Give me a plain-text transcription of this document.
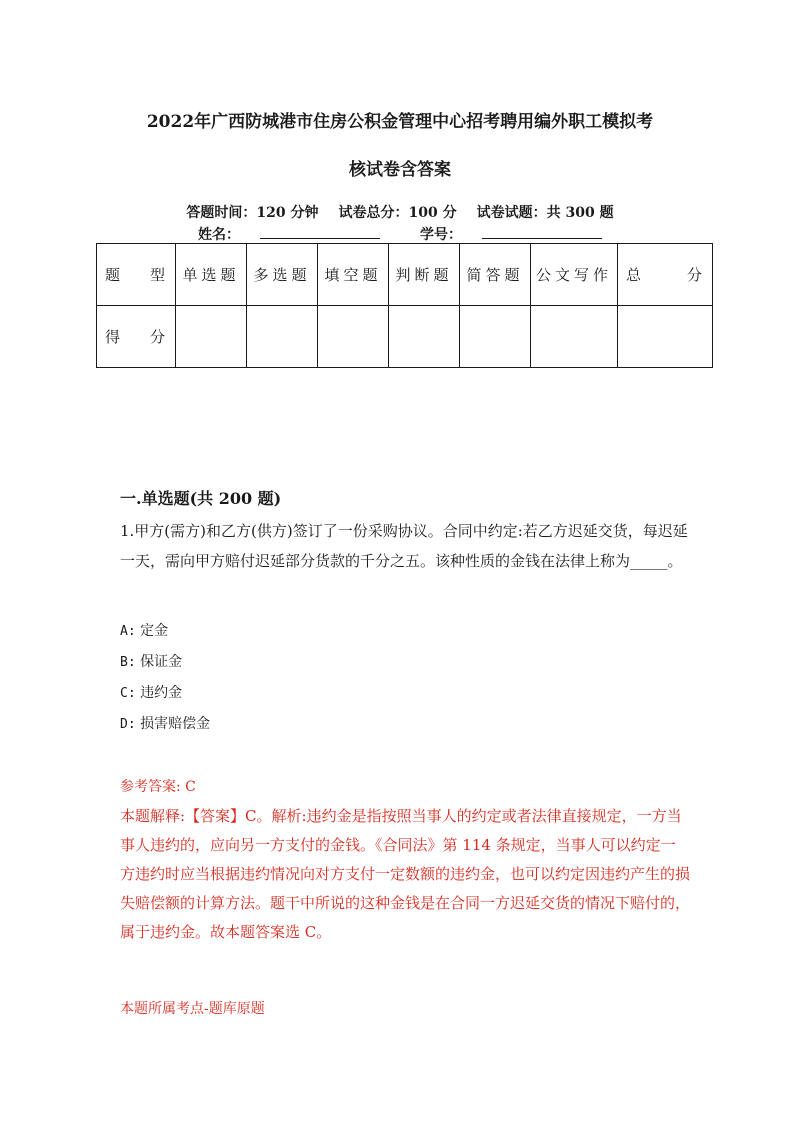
2022年广西防城港市住房公积金管理中心招考聘用编外职工模拟考
核试卷含答案
答题时间：120 分钟 试卷总分：100 分 试卷试题：共 300 题
姓名：	学号：
题 型	单选题	多选题	填空题	判断题	简答题	公文写作	总 分

得 分							

一.单选题(共 200 题)
1.甲方(需方)和乙方(供方)签订了一份采购协议。合同中约定:若乙方迟延交货，每迟延 一天，需向甲方赔付迟延部分货款的千分之五。该种性质的金钱在法律上称为_____。
A: 定金
B: 保证金
C: 违约金
D: 损害赔偿金
参考答案: C
本题解释:【答案】C。解析:违约金是指按照当事人的约定或者法律直接规定，一方当事人违约的，应向另一方支付的金钱。《合同法》第 114 条规定，当事人可以约定一方违约时应当根据违约情况向对方支付一定数额的违约金，也可以约定因违约产生的损失赔偿额的计算方法。题干中所说的这种金钱是在合同一方迟延交货的情况下赔付的，属于违约金。故本题答案选 C。
本题所属考点-题库原题
